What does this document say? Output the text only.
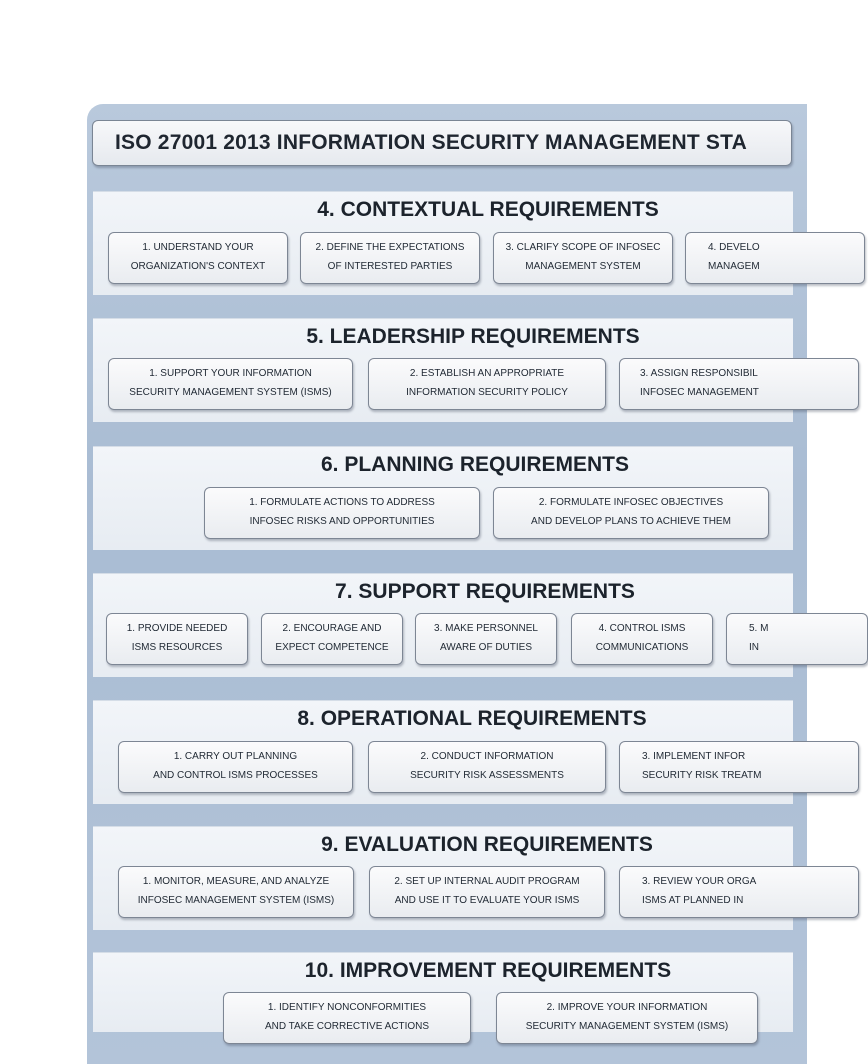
ISO 27001 2013 INFORMATION SECURITY MANAGEMENT STA
4. CONTEXTUAL REQUIREMENTS
1. UNDERSTAND YOUR
ORGANIZATION'S CONTEXT
2. DEFINE THE EXPECTATIONS
OF INTERESTED PARTIES
3. CLARIFY SCOPE OF INFOSEC
MANAGEMENT SYSTEM
4. DEVELO
MANAGEM
5. LEADERSHIP REQUIREMENTS
1. SUPPORT YOUR INFORMATION
SECURITY MANAGEMENT SYSTEM (ISMS)
2. ESTABLISH AN APPROPRIATE
INFORMATION SECURITY POLICY
3. ASSIGN RESPONSIBIL
INFOSEC MANAGEMENT
6. PLANNING REQUIREMENTS
1. FORMULATE ACTIONS TO ADDRESS
INFOSEC RISKS AND OPPORTUNITIES
2. FORMULATE INFOSEC OBJECTIVES
AND DEVELOP PLANS TO ACHIEVE THEM
7. SUPPORT REQUIREMENTS
1. PROVIDE NEEDED
ISMS RESOURCES
2. ENCOURAGE AND
EXPECT COMPETENCE
3. MAKE PERSONNEL
AWARE OF DUTIES
4. CONTROL ISMS
COMMUNICATIONS
5. M
IN
8. OPERATIONAL REQUIREMENTS
1. CARRY OUT PLANNING
AND CONTROL ISMS PROCESSES
2. CONDUCT INFORMATION
SECURITY RISK ASSESSMENTS
3. IMPLEMENT INFOR
SECURITY RISK TREATM
9. EVALUATION REQUIREMENTS
1. MONITOR, MEASURE, AND ANALYZE
INFOSEC MANAGEMENT SYSTEM (ISMS)
2. SET UP INTERNAL AUDIT PROGRAM
AND USE IT TO EVALUATE YOUR ISMS
3. REVIEW YOUR ORGA
ISMS AT PLANNED IN
10. IMPROVEMENT REQUIREMENTS
1. IDENTIFY NONCONFORMITIES
AND TAKE CORRECTIVE ACTIONS
2. IMPROVE YOUR INFORMATION
SECURITY MANAGEMENT SYSTEM (ISMS)
